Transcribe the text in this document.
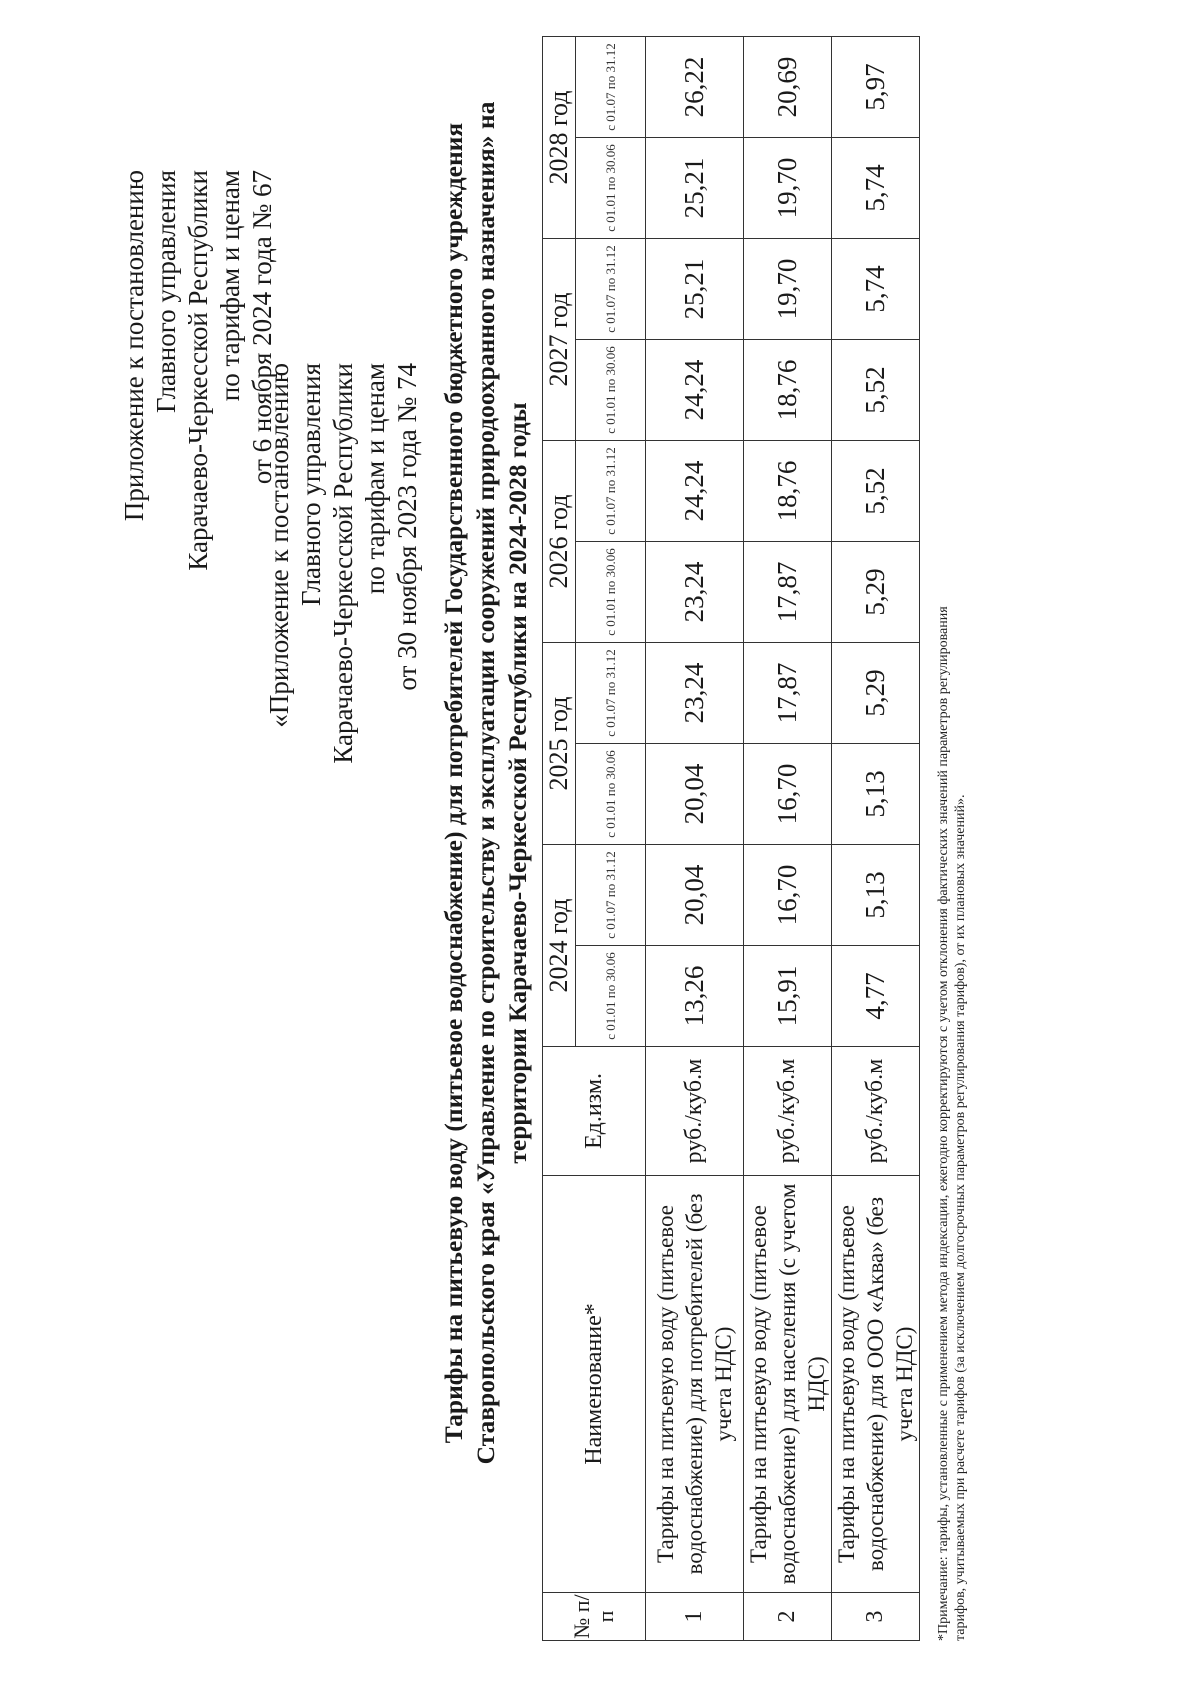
Приложение к постановлению Главного управления Карачаево-Черкесской Республики по тарифам и ценам от 6 ноября 2024 года № 67
«Приложение к постановлению Главного управления Карачаево-Черкесской Республики по тарифам и ценам от 30 ноября 2023 года № 74 Тарифы на питьевую воду (питьевое водоснабжение) для потребителей Государственного бюджетного учреждения Ставропольского края «Управление по строительству и эксплуатации сооружений природоохранного назначения» на территории Карачаево-Черкесской Республики на 2024-2028 годы
№ п/п	Наименование*	Ед.изм.	2024 год		2025 год		2026 год		2027 год		2028 год	
			с 01.01 по 30.06	с 01.07 по 31.12	с 01.01 по 30.06	с 01.07 по 31.12	с 01.01 по 30.06	с 01.07 по 31.12	с 01.01 по 30.06	с 01.07 по 31.12	с 01.01 по 30.06	с 01.07 по 31.12
1	Тарифы на питьевую воду (питьевое водоснабжение) для потребителей (без учета НДС)	руб./куб.м	13,26	20,04	20,04	23,24	23,24	24,24	24,24	25,21	25,21	26,22
2	Тарифы на питьевую воду (питьевое водоснабжение) для населения (с учетом НДС)	руб./куб.м	15,91	16,70	16,70	17,87	17,87	18,76	18,76	19,70	19,70	20,69
3	Тарифы на питьевую воду (питьевое водоснабжение) для ООО «Аква» (без учета НДС)	руб./куб.м	4,77	5,13	5,13	5,29	5,29	5,52	5,52	5,74	5,74	5,97
*Примечание: тарифы, установленные с применением метода индексации, ежегодно корректируются с учетом отклонения фактических значений параметров регулирования тарифов, учитываемых при расчете тарифов (за исключением долгосрочных параметров регулирования тарифов), от их плановых значений».
